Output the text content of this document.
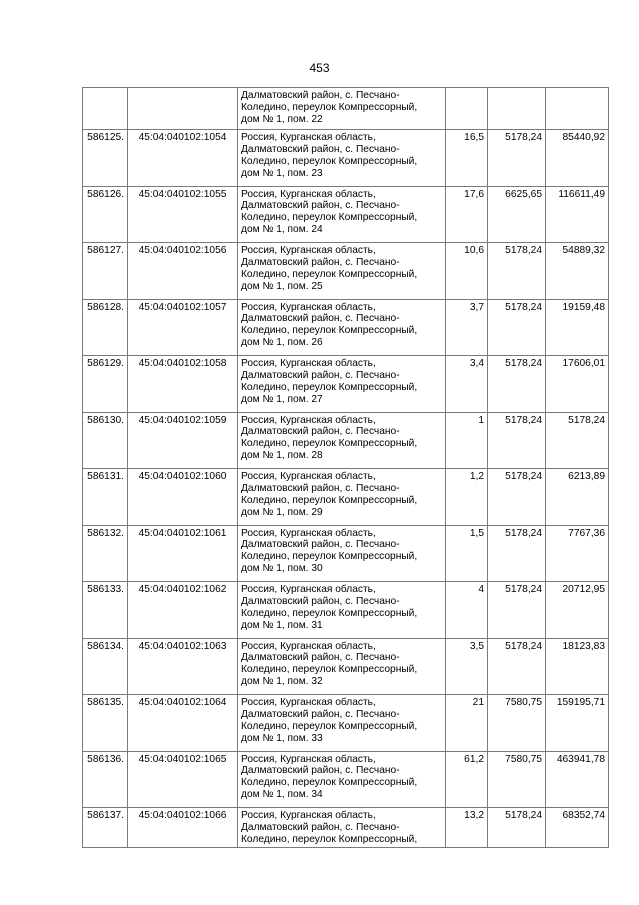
453
		Далматовский район, с. Песчано-
Колединo, переулок Компрессорный,
дом № 1, пом. 22			
586125.	45:04:040102:1054	Россия, Курганская область,
Далматовский район, с. Песчано-
Колединo, переулок Компрессорный,
дом № 1, пом. 23	16,5	5178,24	85440,92
586126.	45:04:040102:1055	Россия, Курганская область,
Далматовский район, с. Песчано-
Колединo, переулок Компрессорный,
дом № 1, пом. 24	17,6	6625,65	116611,49
586127.	45:04:040102:1056	Россия, Курганская область,
Далматовский район, с. Песчано-
Колединo, переулок Компрессорный,
дом № 1, пом. 25	10,6	5178,24	54889,32
586128.	45:04:040102:1057	Россия, Курганская область,
Далматовский район, с. Песчано-
Колединo, переулок Компрессорный,
дом № 1, пом. 26	3,7	5178,24	19159,48
586129.	45:04:040102:1058	Россия, Курганская область,
Далматовский район, с. Песчано-
Колединo, переулок Компрессорный,
дом № 1, пом. 27	3,4	5178,24	17606,01
586130.	45:04:040102:1059	Россия, Курганская область,
Далматовский район, с. Песчано-
Колединo, переулок Компрессорный,
дом № 1, пом. 28	1	5178,24	5178,24
586131.	45:04:040102:1060	Россия, Курганская область,
Далматовский район, с. Песчано-
Колединo, переулок Компрессорный,
дом № 1, пом. 29	1,2	5178,24	6213,89
586132.	45:04:040102:1061	Россия, Курганская область,
Далматовский район, с. Песчано-
Колединo, переулок Компрессорный,
дом № 1, пом. 30	1,5	5178,24	7767,36
586133.	45:04:040102:1062	Россия, Курганская область,
Далматовский район, с. Песчано-
Колединo, переулок Компрессорный,
дом № 1, пом. 31	4	5178,24	20712,95
586134.	45:04:040102:1063	Россия, Курганская область,
Далматовский район, с. Песчано-
Колединo, переулок Компрессорный,
дом № 1, пом. 32	3,5	5178,24	18123,83
586135.	45:04:040102:1064	Россия, Курганская область,
Далматовский район, с. Песчано-
Колединo, переулок Компрессорный,
дом № 1, пом. 33	21	7580,75	159195,71
586136.	45:04:040102:1065	Россия, Курганская область,
Далматовский район, с. Песчано-
Колединo, переулок Компрессорный,
дом № 1, пом. 34	61,2	7580,75	463941,78
586137.	45:04:040102:1066	Россия, Курганская область,
Далматовский район, с. Песчано-
Колединo, переулок Компрессорный,	13,2	5178,24	68352,74
